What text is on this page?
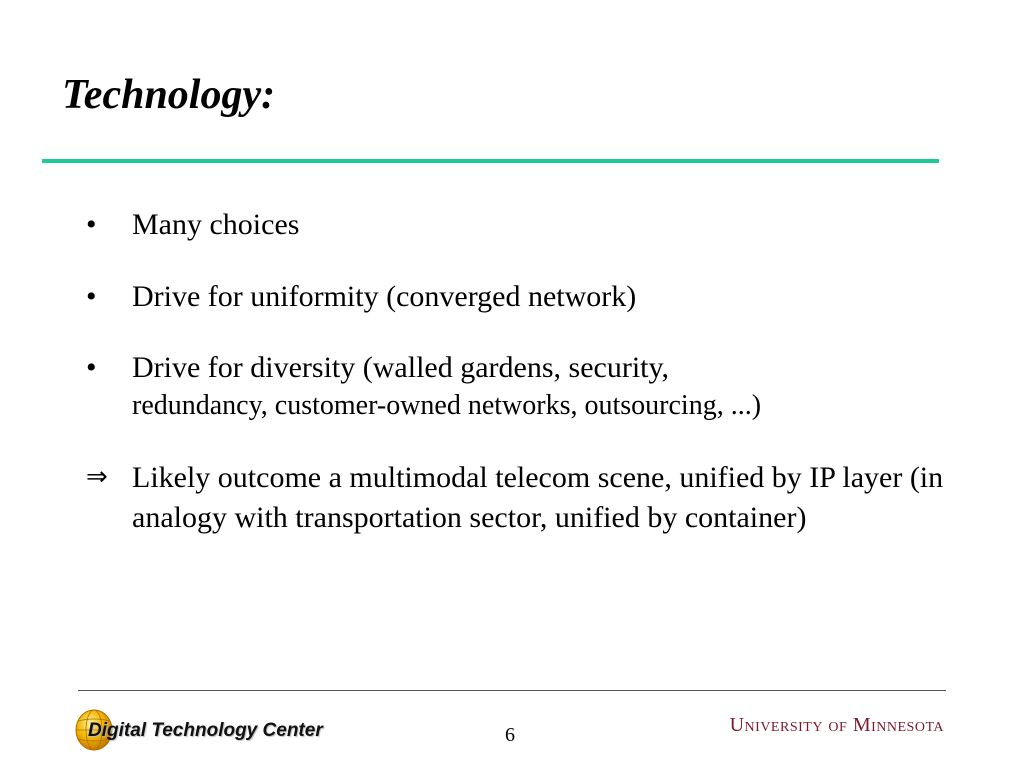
Technology:
•	Many choices
•	Drive for uniformity (converged network)
•	Drive for diversity (walled gardens, security,
redundancy, customer-owned networks, outsourcing, ...)
⇒ Likely outcome a multimodal telecom scene, unified by IP layer (in analogy with transportation sector, unified by container)
Digital Technology Center	6	University of Minnesota
